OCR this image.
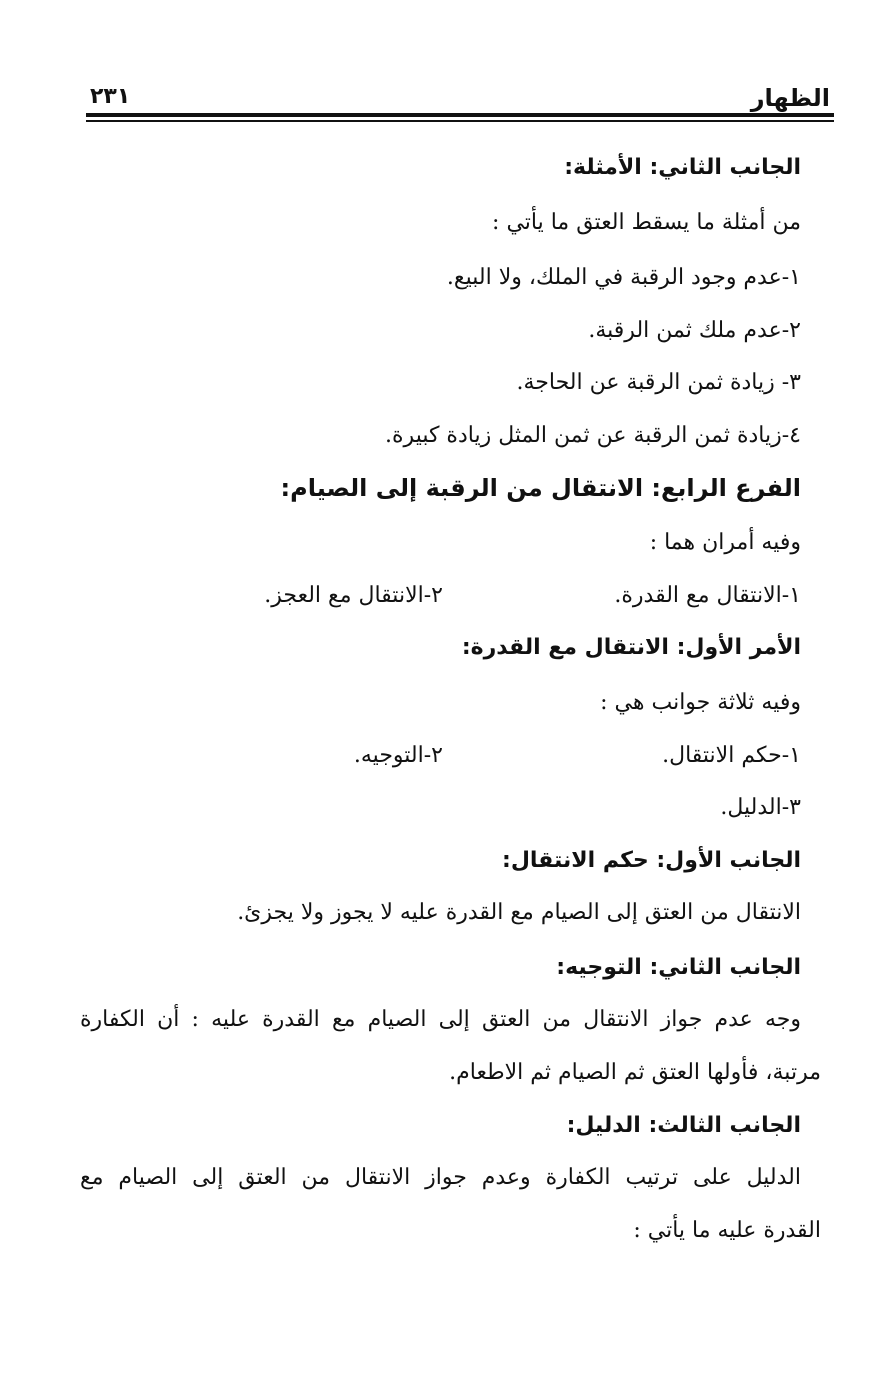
الظهار
٢٣١
الجانب الثاني: الأمثلة:
من أمثلة ما يسقط العتق ما يأتي :
١-عدم وجود الرقبة في الملك، ولا البيع.
٢-عدم ملك ثمن الرقبة.
٣- زيادة ثمن الرقبة عن الحاجة.
٤-زيادة ثمن الرقبة عن ثمن المثل زيادة كبيرة.
الفرع الرابع: الانتقال من الرقبة إلى الصيام:
وفيه أمران هما :
١-الانتقال مع القدرة.
٢-الانتقال مع العجز.
الأمر الأول: الانتقال مع القدرة:
وفيه ثلاثة جوانب هي :
١-حكم الانتقال.
٢-التوجيه.
٣-الدليل.
الجانب الأول: حكم الانتقال:
الانتقال من العتق إلى الصيام مع القدرة عليه لا يجوز ولا يجزئ.
الجانب الثاني: التوجيه:
وجه عدم جواز الانتقال من العتق إلى الصيام مع القدرة عليه : أن الكفارة
مرتبة، فأولها العتق ثم الصيام ثم الاطعام.
الجانب الثالث: الدليل:
الدليل على ترتيب الكفارة وعدم جواز الانتقال من العتق إلى الصيام مع
القدرة عليه ما يأتي :
